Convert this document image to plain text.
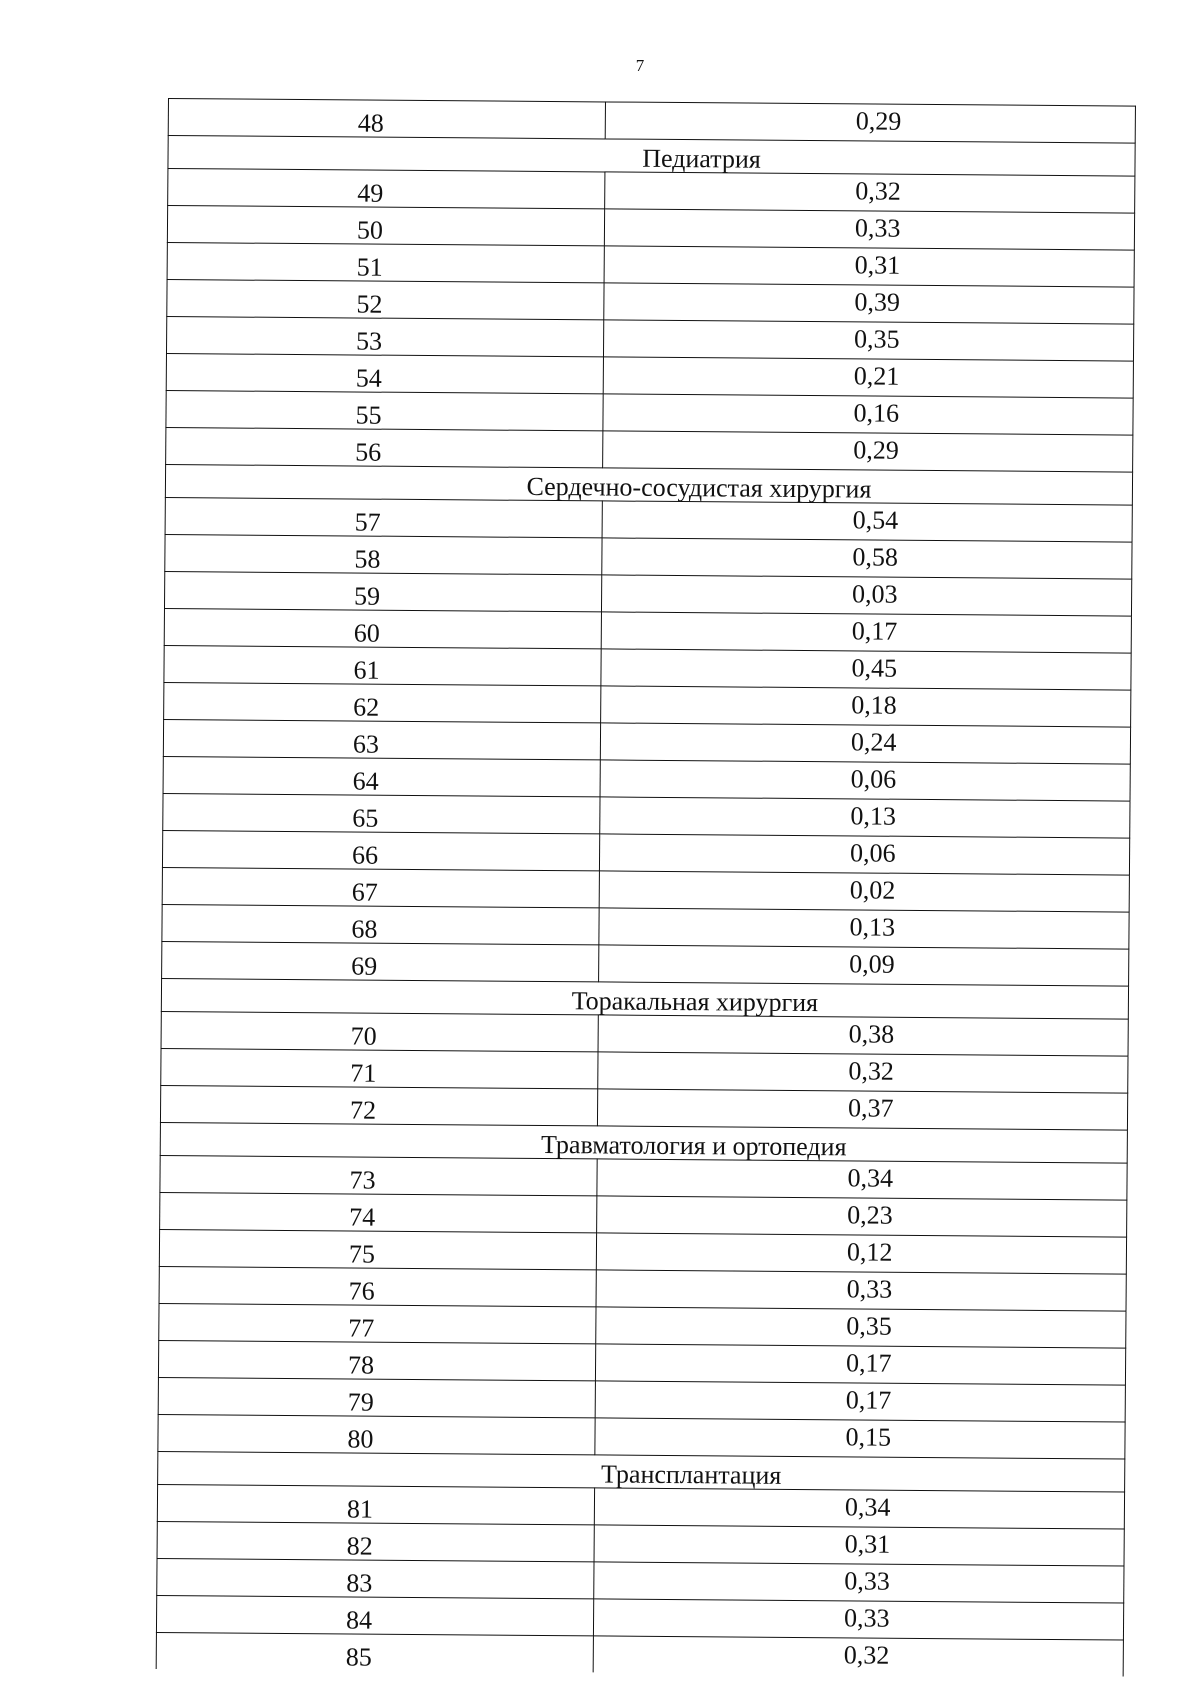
7
48	0,29
Педиатрия	
49	0,32
50	0,33
51	0,31
52	0,39
53	0,35
54	0,21
55	0,16
56	0,29
Сердечно-сосудистая хирургия	
57	0,54
58	0,58
59	0,03
60	0,17
61	0,45
62	0,18
63	0,24
64	0,06
65	0,13
66	0,06
67	0,02
68	0,13
69	0,09
Торакальная хирургия	
70	0,38
71	0,32
72	0,37
Травматология и ортопедия	
73	0,34
74	0,23
75	0,12
76	0,33
77	0,35
78	0,17
79	0,17
80	0,15
Трансплантация	
81	0,34
82	0,31
83	0,33
84	0,33
85	0,32
